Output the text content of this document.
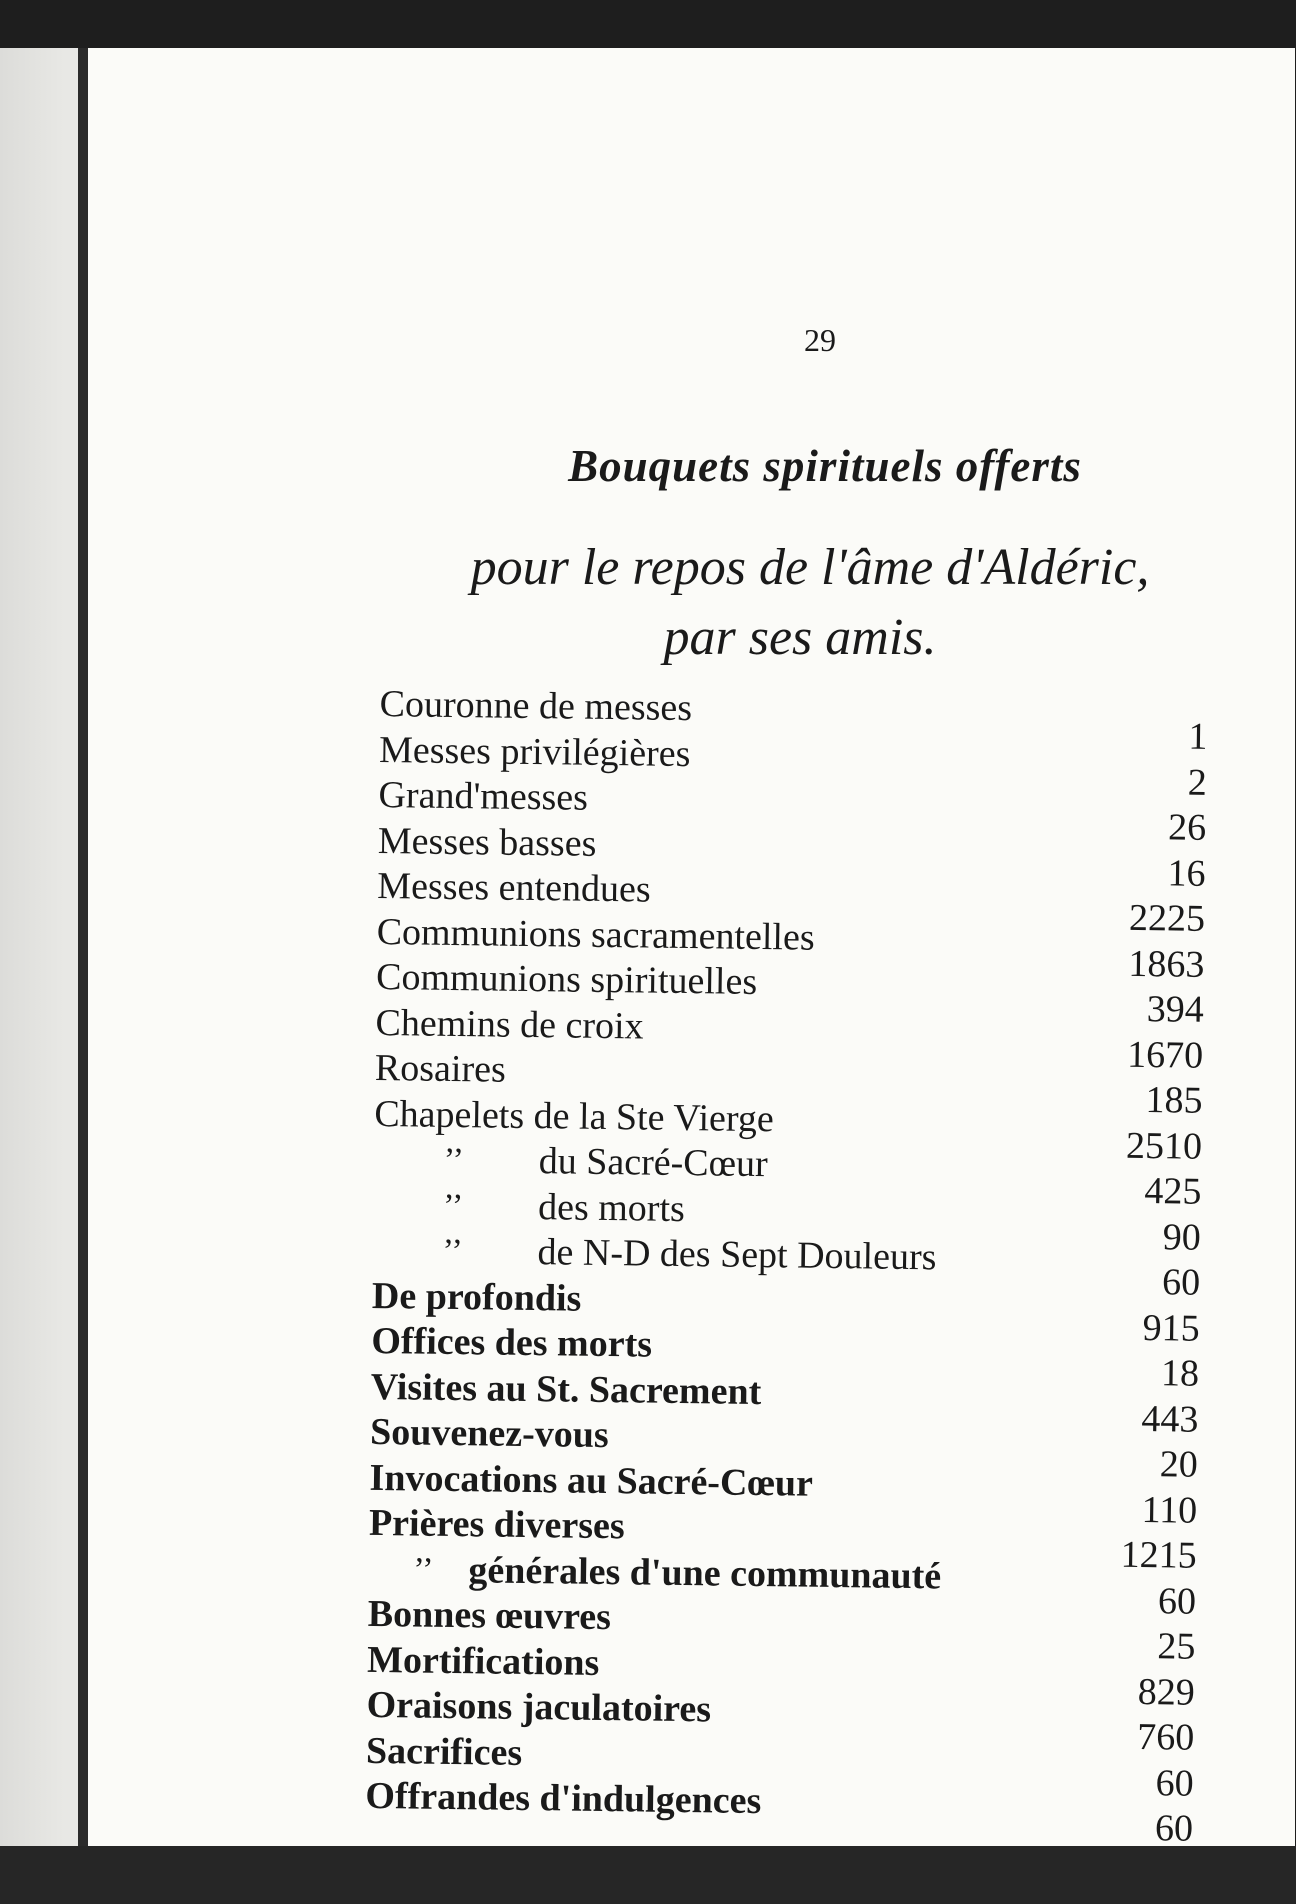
29
Bouquets spirituels offerts
pour le repos de l'âme d'Aldéric,
par ses amis.
Couronne de messes
1
Messes privilégières
2
Grand'messes
26
Messes basses
16
Messes entendues
2225
Communions sacramentelles
1863
Communions spirituelles
394
Chemins de croix
1670
Rosaires
185
Chapelets de la Ste Vierge
2510
’’ du Sacré-Cœur
425
’’ des morts
90
’’ de N-D des Sept Douleurs
60
De profondis
915
Offices des morts
18
Visites au St. Sacrement
443
Souvenez-vous
20
Invocations au Sacré-Cœur
110
Prières diverses
1215
’’ générales d'une communauté
60
Bonnes œuvres
25
Mortifications
829
Oraisons jaculatoires
760
Sacrifices
60
Offrandes d'indulgences
60
